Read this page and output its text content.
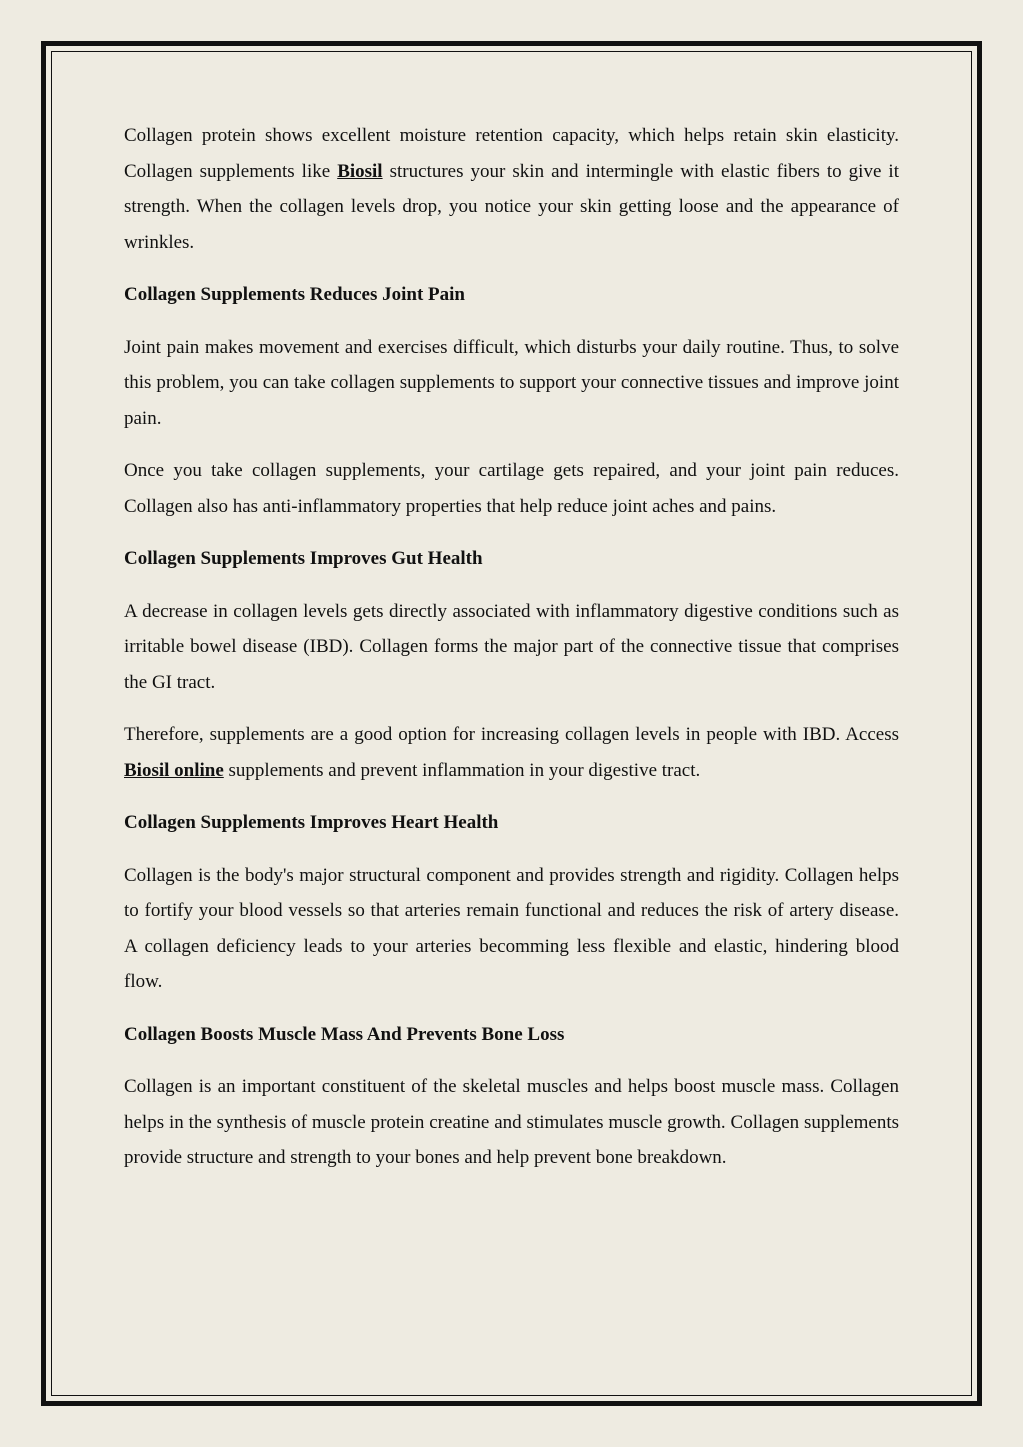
Collagen protein shows excellent moisture retention capacity, which helps retain skin elasticity. Collagen supplements like Biosil structures your skin and intermingle with elastic fibers to give it strength. When the collagen levels drop, you notice your skin getting loose and the appearance of wrinkles.

Collagen Supplements Reduces Joint Pain

Joint pain makes movement and exercises difficult, which disturbs your daily routine. Thus, to solve this problem, you can take collagen supplements to support your connective tissues and improve joint pain.

Once you take collagen supplements, your cartilage gets repaired, and your joint pain reduces. Collagen also has anti-inflammatory properties that help reduce joint aches and pains.

Collagen Supplements Improves Gut Health

A decrease in collagen levels gets directly associated with inflammatory digestive conditions such as irritable bowel disease (IBD). Collagen forms the major part of the connective tissue that comprises the GI tract.

Therefore, supplements are a good option for increasing collagen levels in people with IBD. Access Biosil online supplements and prevent inflammation in your digestive tract.

Collagen Supplements Improves Heart Health

Collagen is the body's major structural component and provides strength and rigidity. Collagen helps to fortify your blood vessels so that arteries remain functional and reduces the risk of artery disease. A collagen deficiency leads to your arteries becomming less flexible and elastic, hindering blood flow.

Collagen Boosts Muscle Mass And Prevents Bone Loss

Collagen is an important constituent of the skeletal muscles and helps boost muscle mass. Collagen helps in the synthesis of muscle protein creatine and stimulates muscle growth. Collagen supplements provide structure and strength to your bones and help prevent bone breakdown.
